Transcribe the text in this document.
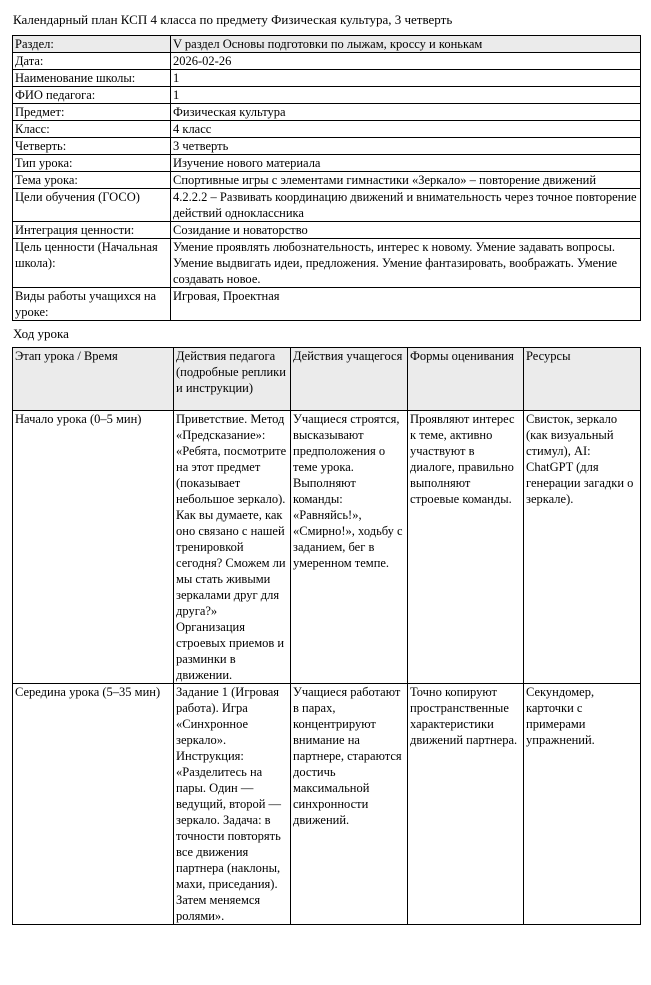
Календарный план КСП 4 класса по предмету Физическая культура, 3 четверть
Раздел:	V раздел Основы подготовки по лыжам, кроссу и конькам
Дата:	2026-02-26
Наименование школы:	1
ФИО педагога:	1
Предмет:	Физическая культура
Класс:	4 класс
Четверть:	3 четверть
Тип урока:	Изучение нового материала
Тема урока:	Спортивные игры с элементами гимнастики «Зеркало» – повторение движений
Цели обучения (ГОСО)	4.2.2.2 – Развивать координацию движений и внимательность через точное повторение действий одноклассника
Интеграция ценности:	Созидание и новаторство
Цель ценности (Начальная школа):	Умение проявлять любознательность, интерес к новому. Умение задавать вопросы. Умение выдвигать идеи, предложения. Умение фантазировать, воображать. Умение создавать новое.
Виды работы учащихся на уроке:	Игровая, Проектная
Ход урока
Этап урока / Время	Действия педагога (подробные реплики и инструкции)	Действия учащегося	Формы оценивания	Ресурсы
Начало урока (0–5 мин)	Приветствие. Метод «Предсказание»: «Ребята, посмотрите на этот предмет (показывает небольшое зеркало). Как вы думаете, как оно связано с нашей тренировкой сегодня? Сможем ли мы стать живыми зеркалами друг для друга?» Организация строевых приемов и разминки в движении.	Учащиеся строятся, высказывают предположения о теме урока. Выполняют команды: «Равняйсь!», «Смирно!», ходьбу с заданием, бег в умеренном темпе.	Проявляют интерес к теме, активно участвуют в диалоге, правильно выполняют строевые команды.	Свисток, зеркало (как визуальный стимул), AI: ChatGPT (для генерации загадки о зеркале).
Середина урока (5–35 мин)	Задание 1 (Игровая работа). Игра «Синхронное зеркало». Инструкция: «Разделитесь на пары. Один — ведущий, второй — зеркало. Задача: в точности повторять все движения партнера (наклоны, махи, приседания). Затем меняемся ролями».	Учащиеся работают в парах, концентрируют внимание на партнере, стараются достичь максимальной синхронности движений.	Точно копируют пространственные характеристики движений партнера.	Секундомер, карточки с примерами упражнений.
